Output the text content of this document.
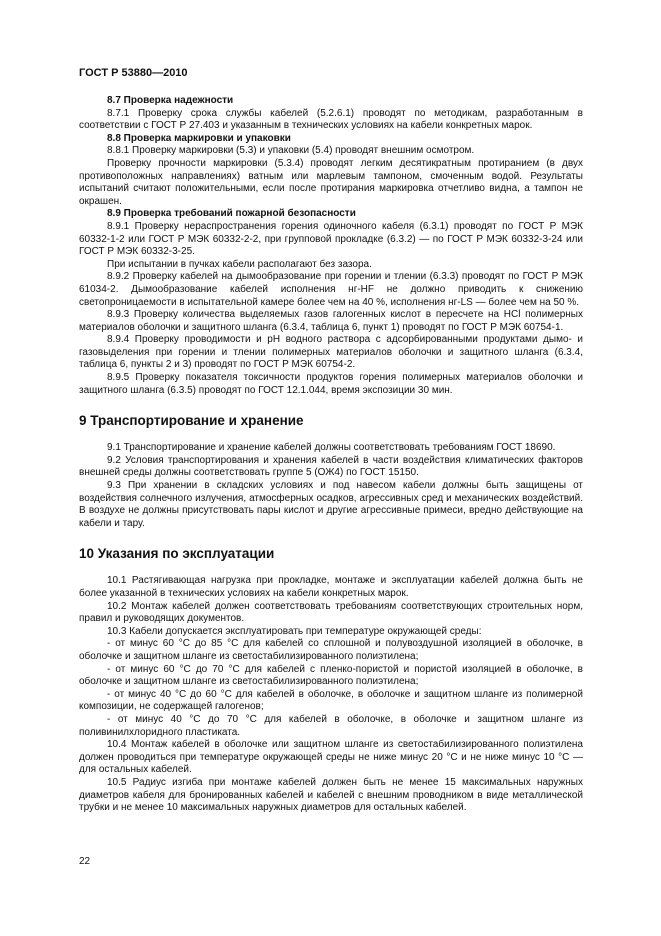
ГОСТ Р 53880—2010

8.7 Проверка надежности

8.7.1 Проверку срока службы кабелей (5.2.6.1) проводят по методикам, разработанным в соответствии с ГОСТ Р 27.403 и указанным в технических условиях на кабели конкретных марок.

8.8 Проверка маркировки и упаковки

8.8.1 Проверку маркировки (5.3) и упаковки (5.4) проводят внешним осмотром.

Проверку прочности маркировки (5.3.4) проводят легким десятикратным протиранием (в двух противоположных направлениях) ватным или марлевым тампоном, смоченным водой. Результаты испытаний считают положительными, если после протирания маркировка отчетливо видна, а тампон не окрашен.

8.9 Проверка требований пожарной безопасности

8.9.1 Проверку нераспространения горения одиночного кабеля (6.3.1) проводят по ГОСТ Р МЭК 60332-1-2 или ГОСТ Р МЭК 60332-2-2, при групповой прокладке (6.3.2) — по ГОСТ Р МЭК 60332-3-24 или ГОСТ Р МЭК 60332-3-25.

При испытании в пучках кабели располагают без зазора.

8.9.2 Проверку кабелей на дымообразование при горении и тлении (6.3.3) проводят по ГОСТ Р МЭК 61034-2. Дымообразование кабелей исполнения нг-HF не должно приводить к снижению светопроницаемости в испытательной камере более чем на 40 %, исполнения нг-LS — более чем на 50 %.

8.9.3 Проверку количества выделяемых газов галогенных кислот в пересчете на HCl полимерных материалов оболочки и защитного шланга (6.3.4, таблица 6, пункт 1) проводят по ГОСТ Р МЭК 60754-1.

8.9.4 Проверку проводимости и pH водного раствора с адсорбированными продуктами дымо- и газовыделения при горении и тлении полимерных материалов оболочки и защитного шланга (6.3.4, таблица 6, пункты 2 и 3) проводят по ГОСТ Р МЭК 60754-2.

8.9.5 Проверку показателя токсичности продуктов горения полимерных материалов оболочки и защитного шланга (6.3.5) проводят по ГОСТ 12.1.044, время экспозиции 30 мин.

9 Транспортирование и хранение

9.1 Транспортирование и хранение кабелей должны соответствовать требованиям ГОСТ 18690.

9.2 Условия транспортирования и хранения кабелей в части воздействия климатических факторов внешней среды должны соответствовать группе 5 (ОЖ4) по ГОСТ 15150.

9.3 При хранении в складских условиях и под навесом кабели должны быть защищены от воздействия солнечного излучения, атмосферных осадков, агрессивных сред и механических воздействий. В воздухе не должны присутствовать пары кислот и другие агрессивные примеси, вредно действующие на кабели и тару.

10 Указания по эксплуатации

10.1 Растягивающая нагрузка при прокладке, монтаже и эксплуатации кабелей должна быть не более указанной в технических условиях на кабели конкретных марок.

10.2 Монтаж кабелей должен соответствовать требованиям соответствующих строительных норм, правил и руководящих документов.

10.3 Кабели допускается эксплуатировать при температуре окружающей среды:

- от минус 60 °С до 85 °С для кабелей со сплошной и полувоздушной изоляцией в оболочке, в оболочке и защитном шланге из светостабилизированного полиэтилена;

- от минус 60 °С до 70 °С для кабелей с пленко-пористой и пористой изоляцией в оболочке, в оболочке и защитном шланге из светостабилизированного полиэтилена;

- от минус 40 °С до 60 °С для кабелей в оболочке, в оболочке и защитном шланге из полимерной композиции, не содержащей галогенов;

- от минус 40 °С до 70 °С для кабелей в оболочке, в оболочке и защитном шланге из поливинилхлоридного пластиката.

10.4 Монтаж кабелей в оболочке или защитном шланге из светостабилизированного полиэтилена должен проводиться при температуре окружающей среды не ниже минус 20 °С и не ниже минус 10 °С — для остальных кабелей.

10.5 Радиус изгиба при монтаже кабелей должен быть не менее 15 максимальных наружных диаметров кабеля для бронированных кабелей и кабелей с внешним проводником в виде металлической трубки и не менее 10 максимальных наружных диаметров для остальных кабелей.

22
